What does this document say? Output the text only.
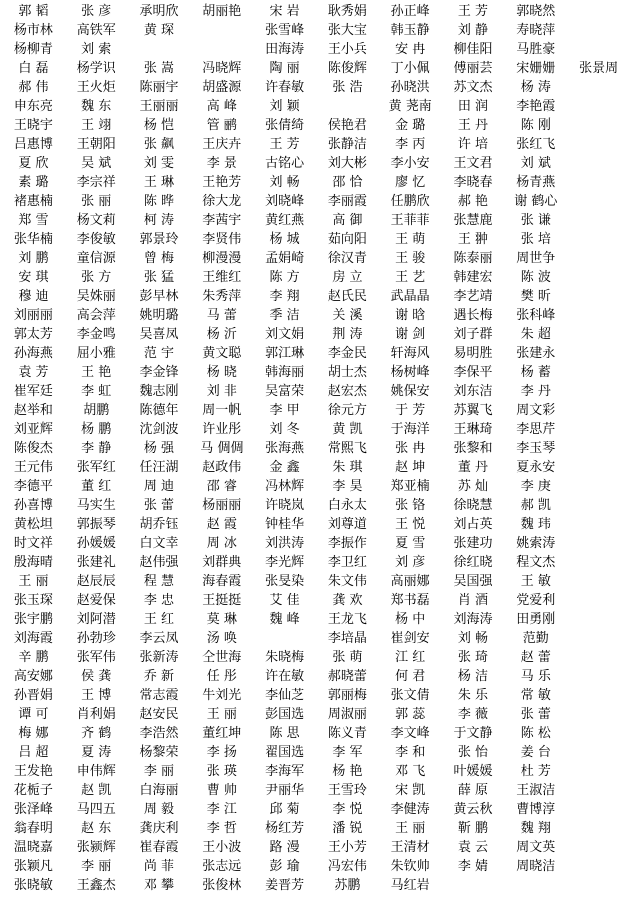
郭 韬	张 彦	承明欣	胡丽艳	宋 岩	耿秀娟	孙正峰	王 芳	郭晓然	
杨市林	高铁军	黄 琛		张雪峰	张大宝	韩玉静	刘 静	寿晓萍	
杨柳青	刘 索			田海涛	王小兵	安 冉	柳佳阳	马胜豪	
白 磊	杨学识	张 嵩	冯晓辉	陶 丽	陈俊辉	丁小佩	傅丽芸	宋姗姗	张景周
郝 伟	王火炬	陈丽宇	胡盛源	许春敏	张 浩	孙晓洪	苏文杰	杨 涛	
申东亮	魏 东	王丽丽	高 峰	刘 颖		黄 荛南	田 润	李艳霞	
王晓宇	王 翊	杨 恺	管 鹂	张倩绮	侯艳君	金 璐	王 丹	陈 刚	
吕惠博	王朝阳	张 飙	王庆卉	王 芳	张静洁	李 丙	许 培	张红飞	
夏 欣	吴 斌	刘 雯	李 景	古铭心	刘大彬	李小安	王文君	刘 斌	
素 璐	李宗祥	王 琳	王艳芳	刘 畅	邵 恰	廖 忆	李晓春	杨青燕	
褚惠楠	张 丽	陈 晔	徐大龙	刘晓峰	李丽霞	任鹏欣	郝 艳	谢 鹤心	
郑 雪	杨文莉	柯 涛	李茜宇	黄红燕	高 御	王菲菲	张慧鹿	张 谦	
张华楠	李俊敏	郭景玲	李贤伟	杨 城	茹向阳	王 萌	王 翀	张 培	
刘 鹏	童信源	曾 梅	柳漫漫	孟娟崎	徐汉青	王 骏	陈泰丽	周世争	
安 琪	张 方	张 猛	王维红	陈 方	房 立	王 艺	韩建宏	陈 波	
穆 迪	吴姝丽	彭早林	朱秀萍	李 翔	赵氏民	武晶晶	李艺靖	樊 昕	
刘丽丽	高会萍	姚明璐	马 蕾	季 洁	关 溪	谢 晗	遇长梅	张科峰	
郭太芳	李金鸣	吴喜凤	杨 沂	刘文娟	荆 涛	谢 剑	刘子群	朱 超	
孙海燕	屈小雅	范 宇	黄文聪	郭江琳	李金民	轩海风	易明胜	张建永	
袁 芳	王 艳	李金锋	杨 晓	韩海丽	胡士杰	杨树峰	李保平	杨 蓄	
崔军廷	李 虹	魏志刚	刘 非	吴富荣	赵宏杰	姚保安	刘东洁	李 丹	
赵举和	胡鹏	陈德年	周一帆	李 甲	徐元方	于 芳	苏翼飞	周文彩	
刘亚辉	杨 鹏	沈剑波	许业彤	刘 冬	黄 凯	于海洋	王琳琦	李思芹	
陈俊杰	李 静	杨 强	马 倜倜	张海燕	常熙飞	张 冉	张黎和	李玉琴	
王元伟	张军红	任汪湖	赵政伟	金 鑫	朱 琪	赵 坤	董 丹	夏永安	
李德平	董 红	周 迪	邵 睿	冯林辉	李 昊	郑亚楠	苏 灿	李 庚	
孙喜博	马实生	张 蕾	杨丽丽	许晓岚	白永太	张 铬	徐晓慧	郝 凯	
黄松坦	郭振琴	胡乔钰	赵 霞	钟桂华	刘尊道	王 悦	刘占英	魏 玮	
时文祥	孙媛媛	白文幸	周 冰	刘洪涛	李振作	夏 雪	张建功	姚索涛	
殷海晴	张建礼	赵伟强	刘群典	李光辉	李卫红	刘 彦	徐红晓	程文杰	
王 丽	赵辰辰	程 慧	海春霞	张旻染	朱文伟	高丽娜	吴国强	王 敏	
张玉琛	赵爱保	李 忠	王挺挺	艾 佳	龚 欢	郑书磊	肖 酒	党爱利	
张宇鹏	刘阿潜	王 红	莫 琳	魏 峰	王龙飞	杨 中	刘海涛	田勇刚	
刘海霞	孙勃珍	李云凤	汤 唤		李培晶	崔剑安	刘 畅	范勤	
辛 鹏	张军伟	张新涛	仝世海	朱晓梅	张 萌	江 红	张 琦	赵 蕾	
高安娜	侯 龚	乔 新	任 彤	许在敏	郝晓蕾	何 君	杨 洁	马 乐	
孙晋娟	王 博	常志霞	牛刘光	李仙芝	郭丽梅	张文倩	朱 乐	常 敏	
谭 可	肖利娟	赵安民	王 丽	彭国选	周淑丽	郭 蕊	李 薇	张 蕾	
梅 娜	齐 鹤	李浩然	董红坤	陈 思	陈义青	李文峰	于文静	陈 松	
吕 超	夏 涛	杨黎荣	李 扬	翟国选	李 军	李 和	张 怡	姜 台	
王发艳	申伟辉	李 丽	张 瑛	李海军	杨 艳	邓 飞	叶媛媛	杜 芳	
花栀子	赵 凯	白海丽	曹 帅	尹丽华	王雪玲	宋 凯	薛 原	王淑洁	
张泽峰	马四五	周 毅	李 江	邱 菊	李 悦	李健涛	黄云秋	曹博淳	
翁春明	赵 东	龚庆利	李 哲	杨红芳	潘 锐	王 丽	靳 鹏	魏 翔	
温晓嘉	张颍辉	崔春霞	王小波	路 漫	王小芳	王清材	袁 云	周文英	
张颖凡	李 丽	尚 菲	张志远	彭 瑜	冯宏伟	朱钦帅	李 婧	周晓洁	
张晓敏	王鑫杰	邓 攀	张俊林	姜晋芳	苏鹏	马红岩			
